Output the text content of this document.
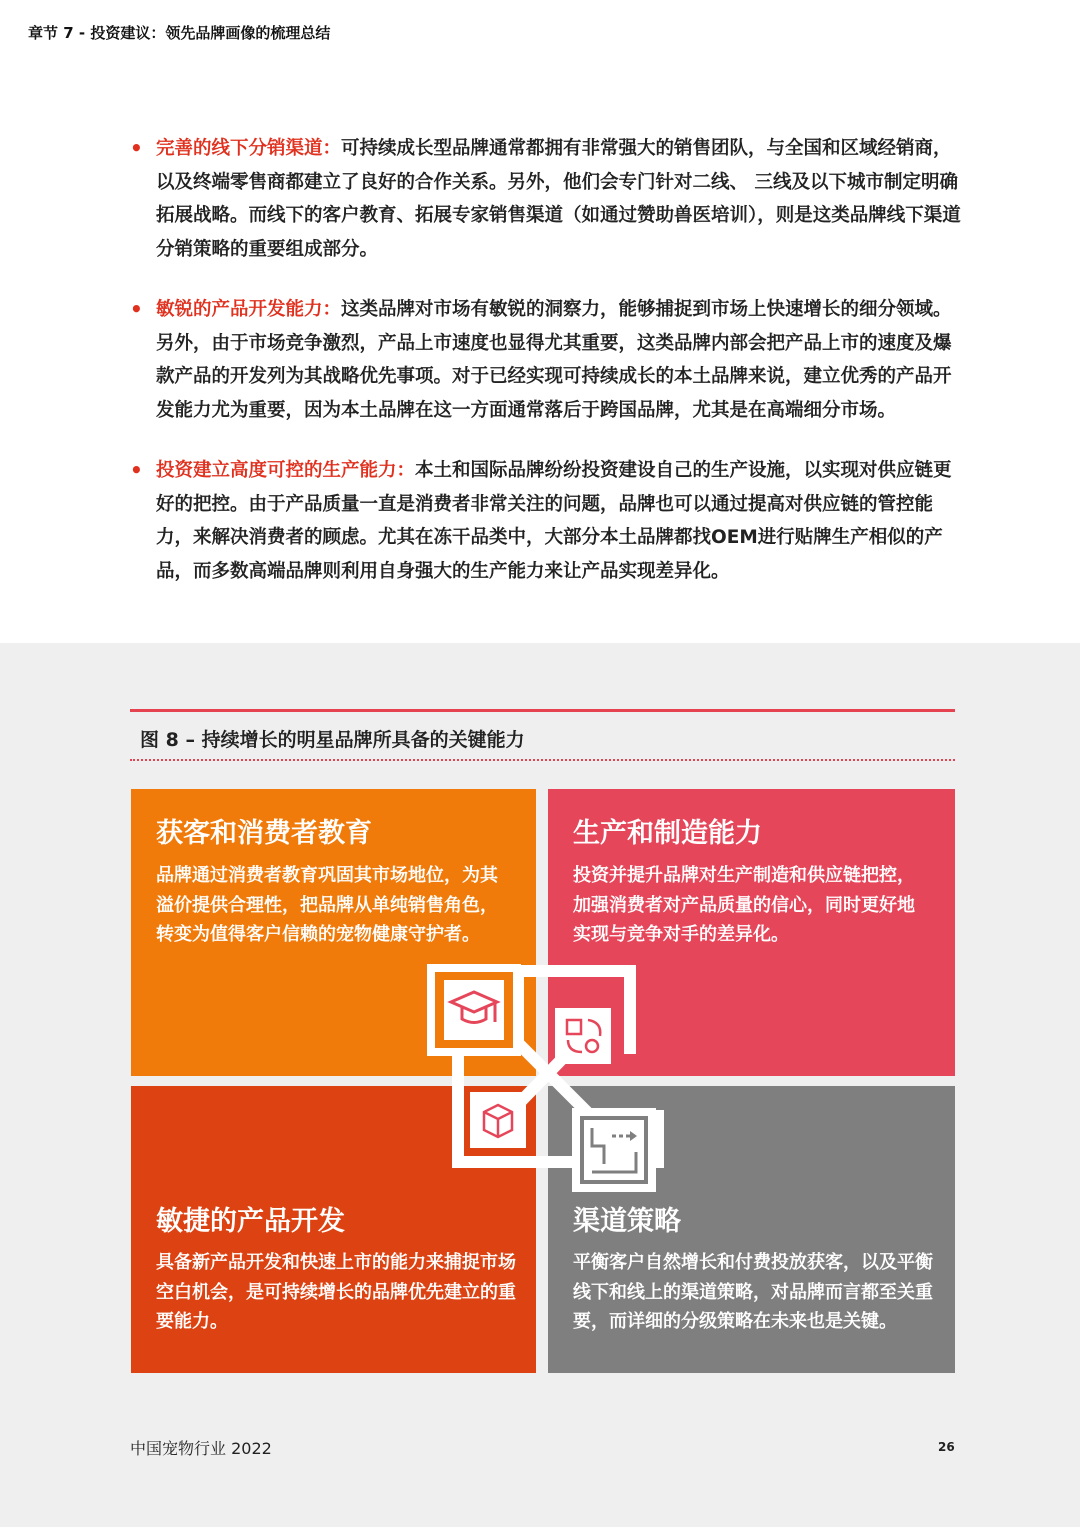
章节 7 - 投资建议：领先品牌画像的梳理总结
• 完善的线下分销渠道：可持续成长型品牌通常都拥有非常强大的销售团队，与全国和区域经销商，以及终端零售商都建立了良好的合作关系。另外，他们会专门针对二线、 三线及以下城市制定明确拓展战略。而线下的客户教育、拓展专家销售渠道（如通过赞助兽医培训），则是这类品牌线下渠道分销策略的重要组成部分。
• 敏锐的产品开发能力：这类品牌对市场有敏锐的洞察力，能够捕捉到市场上快速增长的细分领域。另外，由于市场竞争激烈，产品上市速度也显得尤其重要，这类品牌内部会把产品上市的速度及爆款产品的开发列为其战略优先事项。对于已经实现可持续成长的本土品牌来说，建立优秀的产品开发能力尤为重要，因为本土品牌在这一方面通常落后于跨国品牌，尤其是在高端细分市场。
• 投资建立高度可控的生产能力：本土和国际品牌纷纷投资建设自己的生产设施，以实现对供应链更好的把控。由于产品质量一直是消费者非常关注的问题，品牌也可以通过提高对供应链的管控能力，来解决消费者的顾虑。尤其在冻干品类中，大部分本土品牌都找OEM进行贴牌生产相似的产品，而多数高端品牌则利用自身强大的生产能力来让产品实现差异化。
图 8 – 持续增长的明星品牌所具备的关键能力
获客和消费者教育
品牌通过消费者教育巩固其市场地位，为其溢价提供合理性，把品牌从单纯销售角色，转变为值得客户信赖的宠物健康守护者。
生产和制造能力
投资并提升品牌对生产制造和供应链把控，加强消费者对产品质量的信心，同时更好地实现与竞争对手的差异化。
敏捷的产品开发
具备新产品开发和快速上市的能力来捕捉市场空白机会，是可持续增长的品牌优先建立的重要能力。
渠道策略
平衡客户自然增长和付费投放获客，以及平衡线下和线上的渠道策略，对品牌而言都至关重要，而详细的分级策略在未来也是关键。
中国宠物行业 2022	26
